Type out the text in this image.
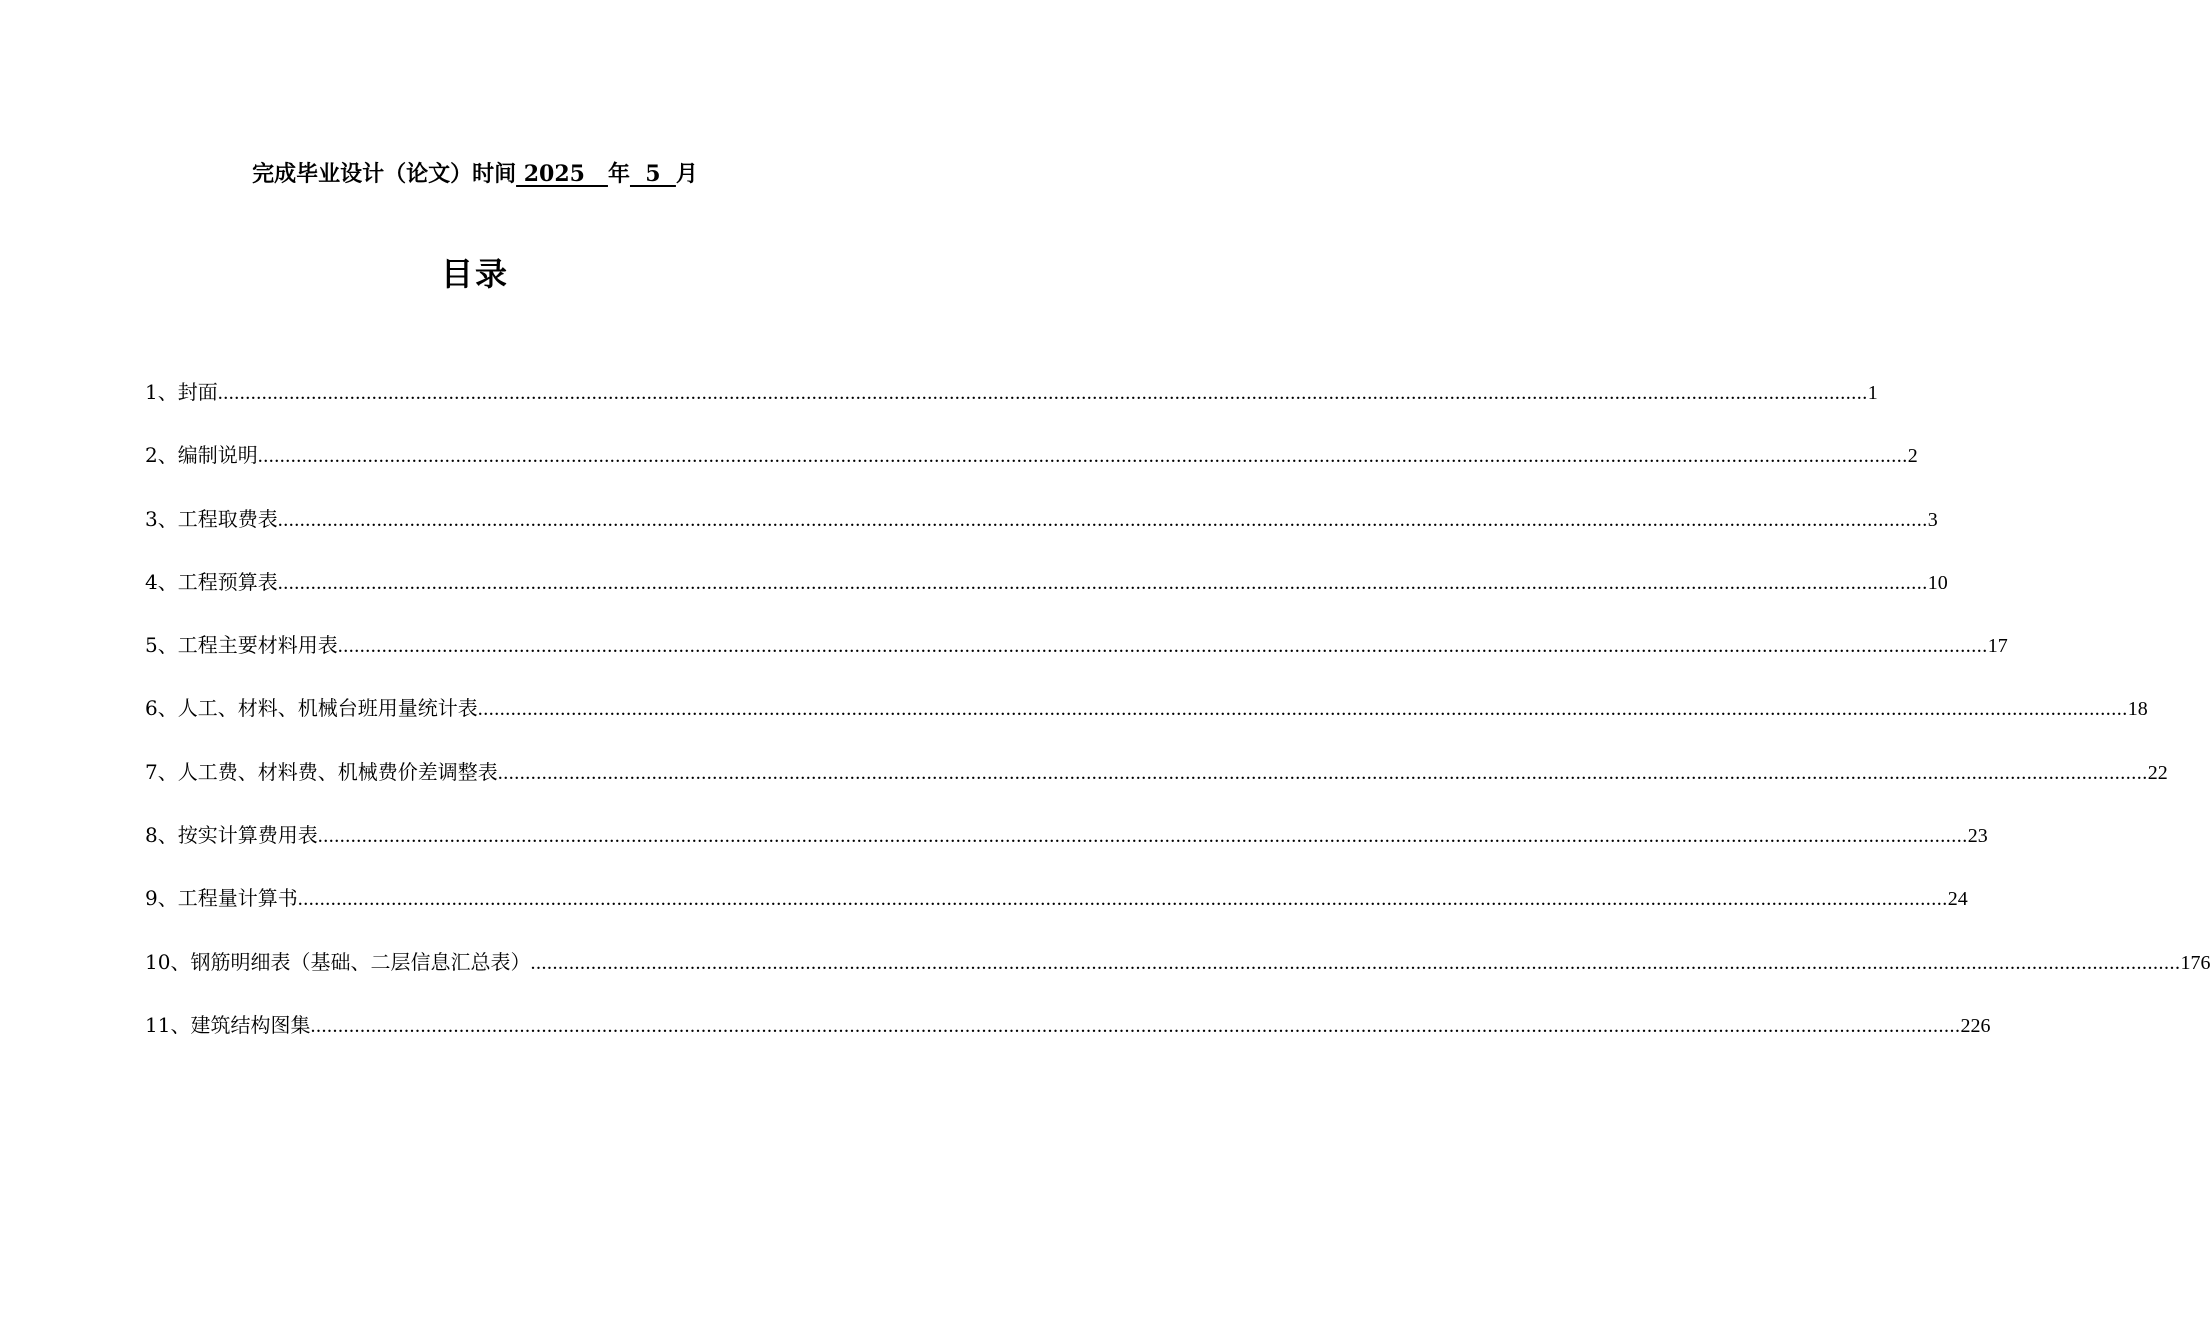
完成毕业设计（论文）时间 2025   年  5  月
目录
1、封面 ............................................................................................................................................................................................................................................................................................................ 1
2、编制说明 ............................................................................................................................................................................................................................................................................................................ 2
3、工程取费表 ............................................................................................................................................................................................................................................................................................................ 3
4、工程预算表 ............................................................................................................................................................................................................................................................................................................ 10
5、工程主要材料用表 ............................................................................................................................................................................................................................................................................................................ 17
6、人工、材料、机械台班用量统计表 ............................................................................................................................................................................................................................................................................................................ 18
7、人工费、材料费、机械费价差调整表 ............................................................................................................................................................................................................................................................................................................ 22
8、按实计算费用表 ............................................................................................................................................................................................................................................................................................................ 23
9、工程量计算书 ............................................................................................................................................................................................................................................................................................................ 24
10、钢筋明细表（基础、二层信息汇总表） ............................................................................................................................................................................................................................................................................................................ 176
11、建筑结构图集 ............................................................................................................................................................................................................................................................................................................ 226
